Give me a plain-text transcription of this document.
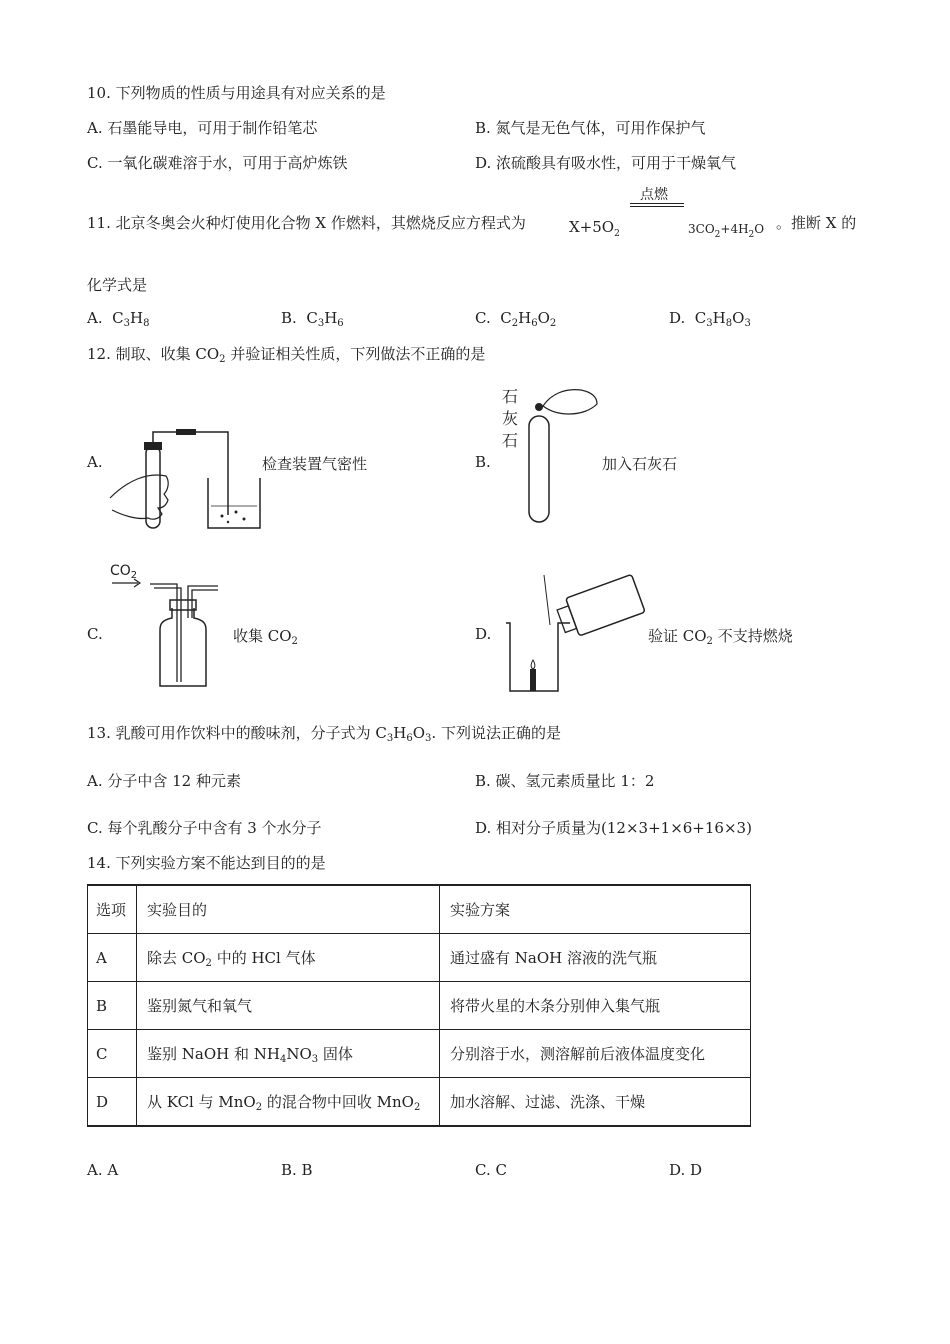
10. 下列物质的性质与用途具有对应关系的是
A. 石墨能导电，可用于制作铅笔芯	B. 氮气是无色气体，可用作保护气
C. 一氧化碳难溶于水，可用于高炉炼铁	D. 浓硫酸具有吸水性，可用于干燥氧气
11. 北京冬奥会火种灯使用化合物 X 作燃料，其燃烧反应方程式为	$X+5O_2$
点燃
$3CO_2+4H_2O$ 。推断 X 的
化学式是
A.  $C_3H_8$	B.  $C_3H_6$	C.  $C_2H_6O_2$	D.  $C_3H_8O_3$
12. 制取、收集 $CO_2$ 并验证相关性质，下列做法不正确的是
A.	检查装置气密性	B.
石
灰
石
加入石灰石
C.
$CO_2$
收集 $CO_2$	D.	验证 $CO_2$ 不支持燃烧
13. 乳酸可用作饮料中的酸味剂，分子式为 $C_3H_6O_3$. 下列说法正确的是
A. 分子中含 12 种元素	B. 碳、氢元素质量比 1：2
C. 每个乳酸分子中含有 3 个水分子	D. 相对分子质量为(12×3+1×6+16×3)
14. 下列实验方案不能达到目的的是
选项	实验目的	实验方案
A	除去 $CO_2$ 中的 HCl 气体	通过盛有 NaOH 溶液的洗气瓶
B	鉴别氮气和氧气	将带火星的木条分别伸入集气瓶
C	鉴别 NaOH 和 $NH_4NO_3$ 固体	分别溶于水，测溶解前后液体温度变化
D	从 KCl 与 MnO$_2$ 的混合物中回收 MnO$_2$	加水溶解、过滤、洗涤、干燥
A. A	B. B	C. C	D. D
